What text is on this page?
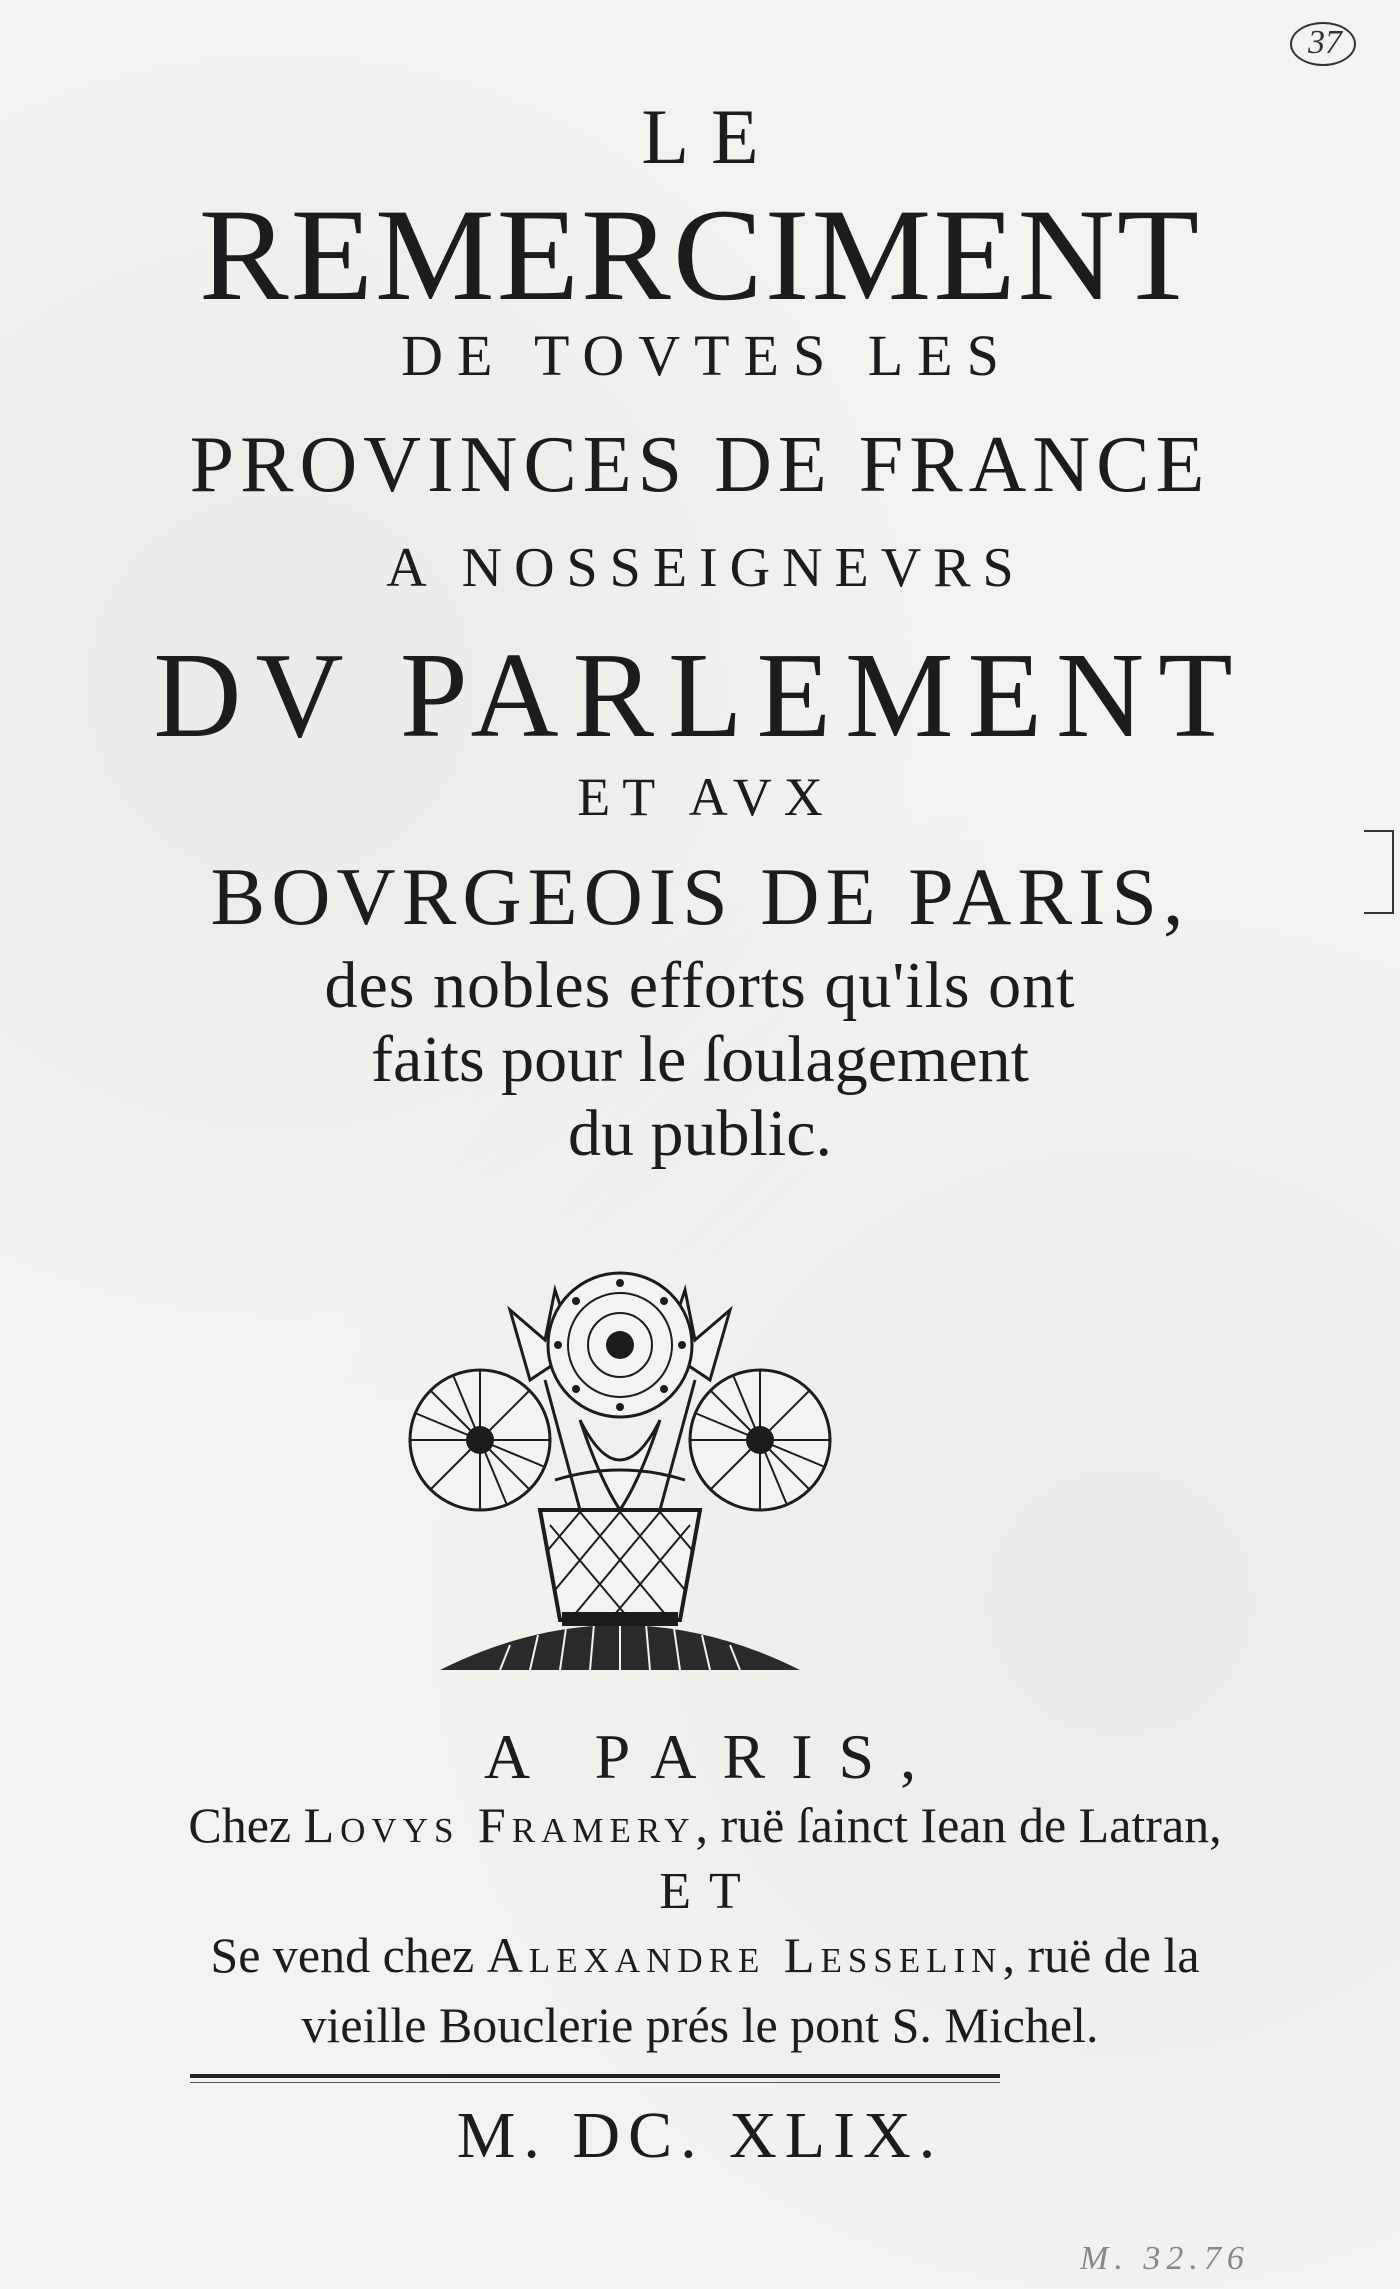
37

LE

REMERCIMENT

DE TOVTES LES

PROVINCES DE FRANCE

A NOSSEIGNEVRS

DV PARLEMENT

ET AVX

BOVRGEOIS DE PARIS,

des nobles efforts qu'ils ont

faits pour le ſoulagement

du public.

A PARIS,

Chez Lovys Framery, ruë ſainct Iean de Latran,

ET

Se vend chez Alexandre Lesselin, ruë de la

vieille Bouclerie prés le pont S. Michel.

M. DC. XLIX.

M. 32.76
